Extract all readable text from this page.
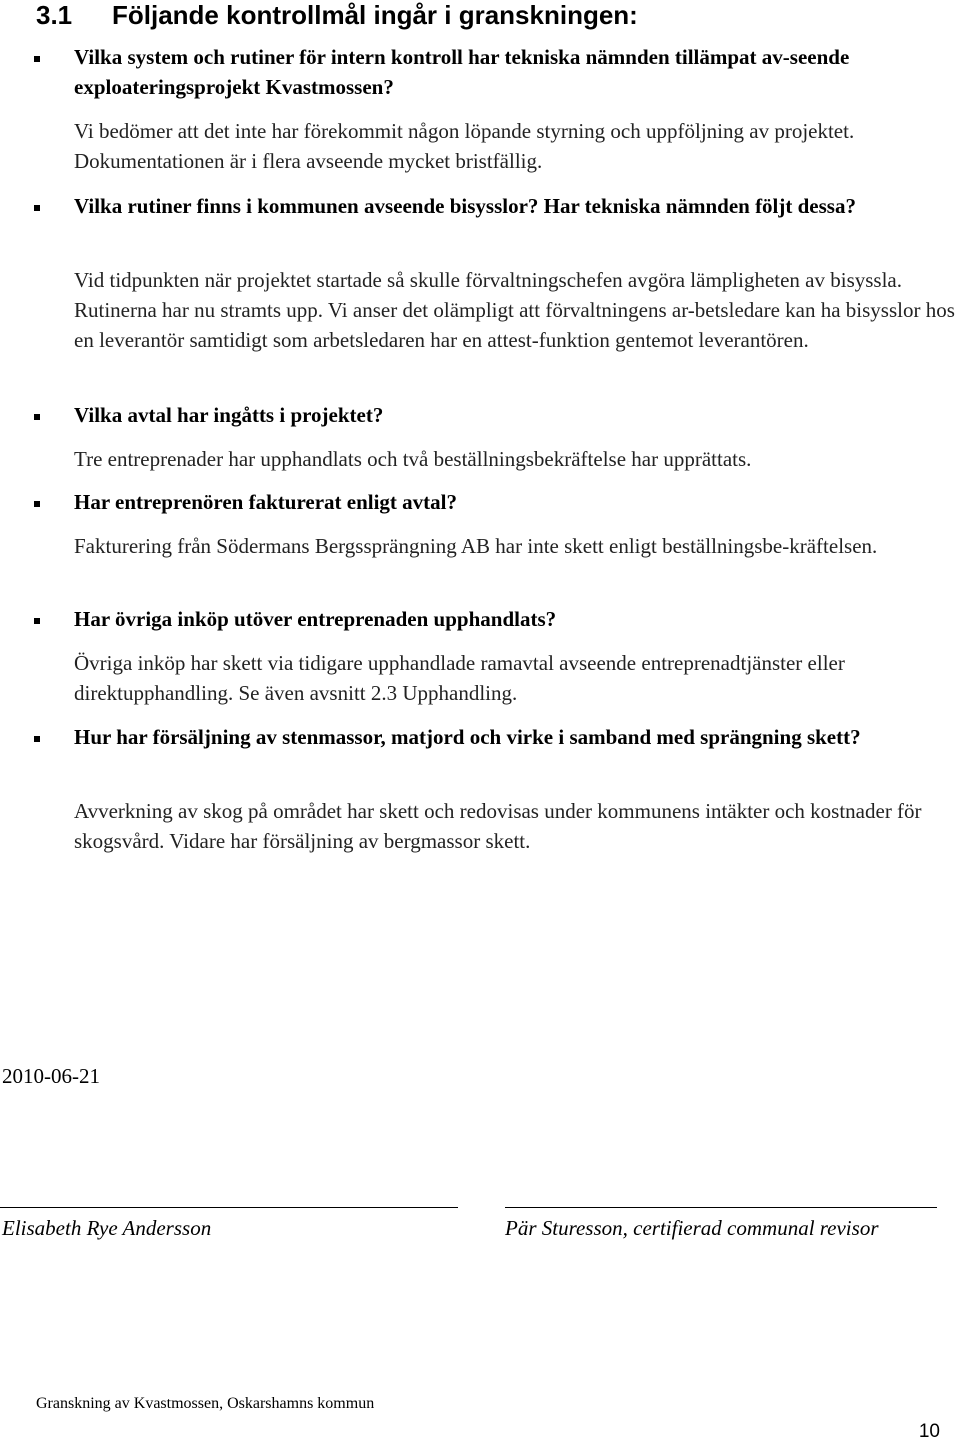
3.1 Följande kontrollmål ingår i granskningen:
Vilka system och rutiner för intern kontroll har tekniska nämnden tillämpat av-seende exploateringsprojekt Kvastmossen?
Vi bedömer att det inte har förekommit någon löpande styrning och uppföljning av projektet. Dokumentationen är i flera avseende mycket bristfällig.
Vilka rutiner finns i kommunen avseende bisysslor? Har tekniska nämnden följt dessa?
Vid tidpunkten när projektet startade så skulle förvaltningschefen avgöra lämpligheten av bisyssla. Rutinerna har nu stramts upp. Vi anser det olämpligt att förvaltningens ar-betsledare kan ha bisysslor hos en leverantör samtidigt som arbetsledaren har en attest-funktion gentemot leverantören.
Vilka avtal har ingåtts i projektet?
Tre entreprenader har upphandlats och två beställningsbekräftelse har upprättats.
Har entreprenören fakturerat enligt avtal?
Fakturering från Södermans Bergssprängning AB har inte skett enligt beställningsbe-kräftelsen.
Har övriga inköp utöver entreprenaden upphandlats?
Övriga inköp har skett via tidigare upphandlade ramavtal avseende entreprenadtjänster eller direktupphandling. Se även avsnitt 2.3 Upphandling.
Hur har försäljning av stenmassor, matjord och virke i samband med sprängning skett?
Avverkning av skog på området har skett och redovisas under kommunens intäkter och kostnader för skogsvård. Vidare har försäljning av bergmassor skett.
2010-06-21
Elisabeth Rye Andersson	Pär Sturesson, certifierad communal revisor
Granskning av Kvastmossen, Oskarshamns kommun
10
